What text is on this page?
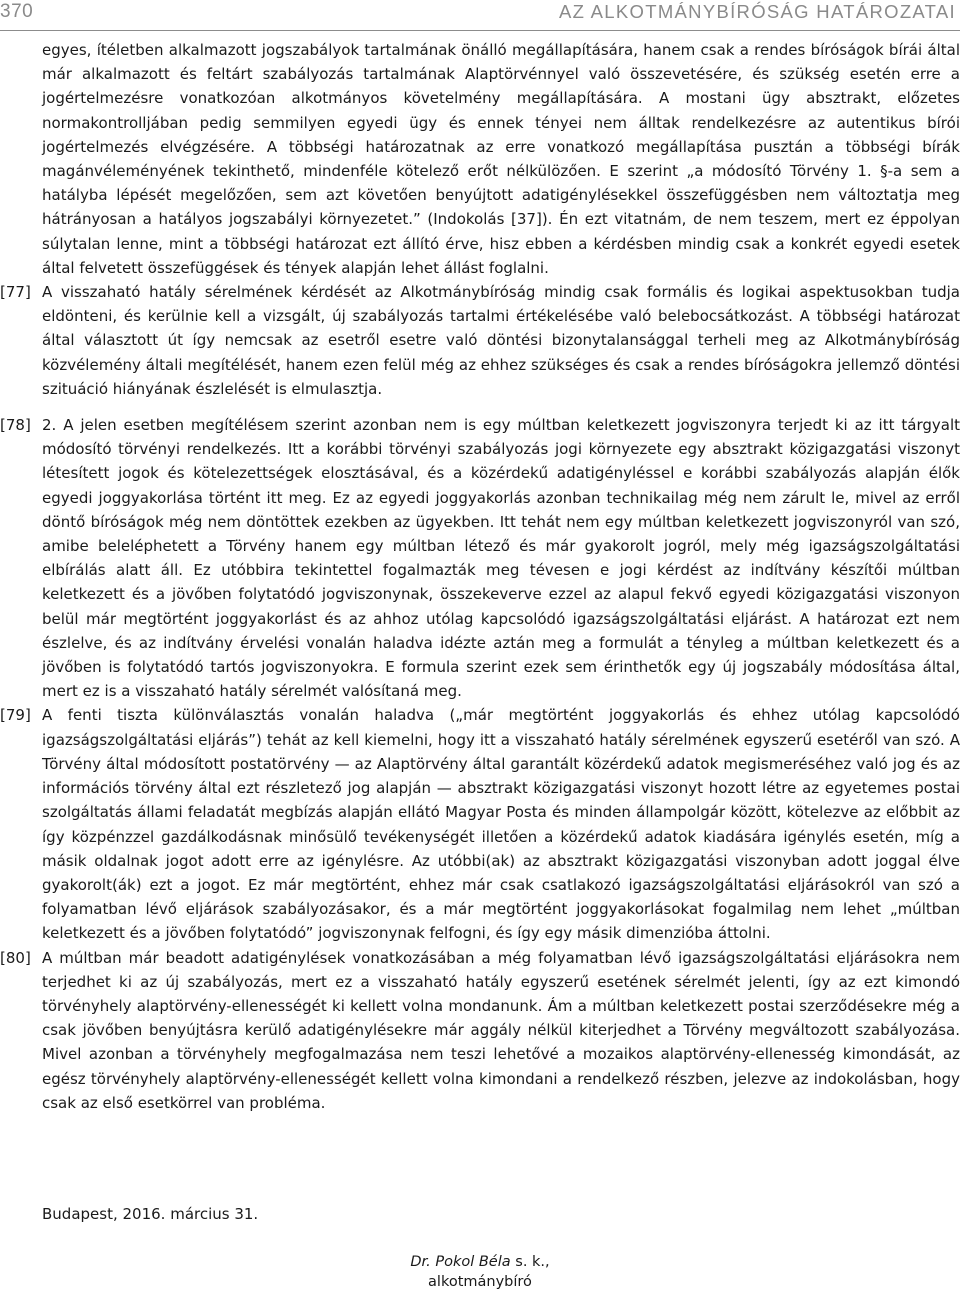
370	AZ ALKOTMÁNYBÍRÓSÁG HATÁROZATAI

egyes, ítéletben alkalmazott jogszabályok tartalmának önálló megállapítására, hanem csak a rendes bíróságok bírái által már alkalmazott és feltárt szabályozás tartalmának Alaptörvénnyel való összevetésére, és szükség esetén erre a jogértelmezésre vonatkozóan alkotmányos követelmény megállapítására. A mostani ügy absztrakt, előzetes normakontrolljában pedig semmilyen egyedi ügy és ennek tényei nem álltak rendelkezésre az autentikus bírói jogértelmezés elvégzésére. A többségi határozatnak az erre vonatkozó megállapítása pusztán a többségi bírák magánvéleményének tekinthető, mindenféle kötelező erőt nélkülözően. E szerint „a módosító Törvény 1. §-a sem a hatályba lépését megelőzően, sem azt követően benyújtott adatigénylésekkel összefüggésben nem változtatja meg hátrányosan a hatályos jogszabályi környezetet.” (Indokolás [37]). Én ezt vitatnám, de nem teszem, mert ez éppolyan súlytalan lenne, mint a többségi határozat ezt állító érve, hisz ebben a kérdésben mindig csak a konkrét egyedi esetek által felvetett összefüggések és tények alapján lehet állást foglalni.

[77] A visszaható hatály sérelmének kérdését az Alkotmánybíróság mindig csak formális és logikai aspektusokban tudja eldönteni, és kerülnie kell a vizsgált, új szabályozás tartalmi értékelésébe való belebocsátkozást. A többségi határozat által választott út így nemcsak az esetről esetre való döntési bizonytalansággal terheli meg az Alkotmánybíróság közvélemény általi megítélését, hanem ezen felül még az ehhez szükséges és csak a rendes bíróságokra jellemző döntési szituáció hiányának észlelését is elmulasztja.

[78] 2. A jelen esetben megítélésem szerint azonban nem is egy múltban keletkezett jogviszonyra terjedt ki az itt tárgyalt módosító törvényi rendelkezés. Itt a korábbi törvényi szabályozás jogi környezete egy absztrakt közigazgatási viszonyt létesített jogok és kötelezettségek elosztásával, és a közérdekű adatigényléssel e korábbi szabályozás alapján élők egyedi joggyakorlása történt itt meg. Ez az egyedi joggyakorlás azonban technikailag még nem zárult le, mivel az erről döntő bíróságok még nem döntöttek ezekben az ügyekben. Itt tehát nem egy múltban keletkezett jogviszonyról van szó, amibe beleléphetett a Törvény hanem egy múltban létező és már gyakorolt jogról, mely még igazságszolgáltatási elbírálás alatt áll. Ez utóbbira tekintettel fogalmazták meg tévesen e jogi kérdést az indítvány készítői múltban keletkezett és a jövőben folytatódó jogviszonynak, összekeverve ezzel az alapul fekvő egyedi közigazgatási viszonyon belül már megtörtént joggyakorlást és az ahhoz utólag kapcsolódó igazságszolgáltatási eljárást. A határozat ezt nem észlelve, és az indítvány érvelési vonalán haladva idézte aztán meg a formulát a tényleg a múltban keletkezett és a jövőben is folytatódó tartós jogviszonyokra. E formula szerint ezek sem érinthetők egy új jogszabály módosítása által, mert ez is a visszaható hatály sérelmét valósítaná meg.

[79] A fenti tiszta különválasztás vonalán haladva („már megtörtént joggyakorlás és ehhez utólag kapcsolódó igazságszolgáltatási eljárás”) tehát az kell kiemelni, hogy itt a visszaható hatály sérelmének egyszerű esetéről van szó. A Törvény által módosított postatörvény — az Alaptörvény által garantált közérdekű adatok megismeréséhez való jog és az információs törvény által ezt részletező jog alapján — absztrakt közigazgatási viszonyt hozott létre az egyetemes postai szolgáltatás állami feladatát megbízás alapján ellátó Magyar Posta és minden állampolgár között, kötelezve az előbbit az így közpénzzel gazdálkodásnak minősülő tevékenységét illetően a közérdekű adatok kiadására igénylés esetén, míg a másik oldalnak jogot adott erre az igénylésre. Az utóbbi(ak) az absztrakt közigazgatási viszonyban adott joggal élve gyakorolt(ák) ezt a jogot. Ez már megtörtént, ehhez már csak csatlakozó igazságszolgáltatási eljárásokról van szó a folyamatban lévő eljárások szabályozásakor, és a már megtörtént joggyakorlásokat fogalmilag nem lehet „múltban keletkezett és a jövőben folytatódó” jogviszonynak felfogni, és így egy másik dimenzióba áttolni.

[80] A múltban már beadott adatigénylések vonatkozásában a még folyamatban lévő igazságszolgáltatási eljárásokra nem terjedhet ki az új szabályozás, mert ez a visszaható hatály egyszerű esetének sérelmét jelenti, így az ezt kimondó törvényhely alaptörvény-ellenességét ki kellett volna mondanunk. Ám a múltban keletkezett postai szerződésekre még a csak jövőben benyújtásra kerülő adatigénylésekre már aggály nélkül kiterjedhet a Törvény megváltozott szabályozása. Mivel azonban a törvényhely megfogalmazása nem teszi lehetővé a mozaikos alaptörvény-ellenesség kimondását, az egész törvényhely alaptörvény-ellenességét kellett volna kimondani a rendelkező részben, jelezve az indokolásban, hogy csak az első esetkörrel van probléma.

Budapest, 2016. március 31.
Dr. Pokol Béla s. k.,
alkotmánybíró
